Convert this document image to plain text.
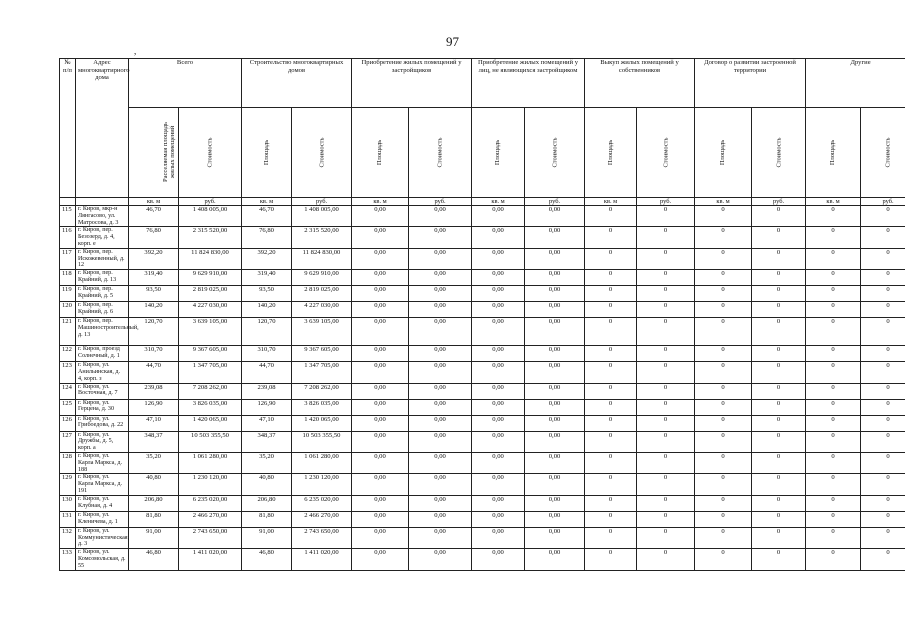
97
,
№ п/п	Адрес многоквартирного дома	Всего		Строительство многоквартирных домов		Приобретение жилых помещений у застройщиков		Приобретение жилых помещений у лиц, не являющихся застройщиком		Выкуп жилых помещений у собственников		Договор о развитии застроенной территории		Другие	
		Расселяемая площадь жилых помещений	Стоимость	Площадь	Стоимость	Площадь	Стоимость	Площадь	Стоимость	Площадь	Стоимость	Площадь	Стоимость	Площадь	Стоимость
		кв. м	руб.	кв. м	руб.	кв. м	руб.	кв. м	руб.	кв. м	руб.	кв. м	руб.	кв. м	руб.
115	г. Киров, мкр-н Лянгасово, ул. Матросова, д. 3	46,70	1 408 005,00	46,70	1 408 005,00	0,00	0,00	0,00	0,00	0	0	0	0	0	0
116	г. Киров, пер. Безозерд, д. 4, корп. е	76,80	2 315 520,00	76,80	2 315 520,00	0,00	0,00	0,00	0,00	0	0	0	0	0	0
117	г. Киров, пер. Искожевенный, д. 12	392,20	11 824 830,00	392,20	11 824 830,00	0,00	0,00	0,00	0,00	0	0	0	0	0	0
118	г. Киров, пер. Крайний, д. 13	319,40	9 629 910,00	319,40	9 629 910,00	0,00	0,00	0,00	0,00	0	0	0	0	0	0
119	г. Киров, пер. Крайний, д. 5	93,50	2 819 025,00	93,50	2 819 025,00	0,00	0,00	0,00	0,00	0	0	0	0	0	0
120	г. Киров, пер. Крайний, д. 6	140,20	4 227 030,00	140,20	4 227 030,00	0,00	0,00	0,00	0,00	0	0	0	0	0	0
121	г. Киров, пер. Машиностроительный, д. 13	120,70	3 639 105,00	120,70	3 639 105,00	0,00	0,00	0,00	0,00	0	0	0	0	0	0
122	г. Киров, проезд Солнечный, д. 1	310,70	9 367 605,00	310,70	9 367 605,00	0,00	0,00	0,00	0,00	0	0	0	0	0	0
123	г. Киров, ул. Анильинская, д. 4, корп. з	44,70	1 347 705,00	44,70	1 347 705,00	0,00	0,00	0,00	0,00	0	0	0	0	0	0
124	г. Киров, ул. Восточная, д. 7	239,08	7 208 262,00	239,08	7 208 262,00	0,00	0,00	0,00	0,00	0	0	0	0	0	0
125	г. Киров, ул. Герцена, д. 30	126,90	3 826 035,00	126,90	3 826 035,00	0,00	0,00	0,00	0,00	0	0	0	0	0	0
126	г. Киров, ул. Грибоедова, д. 22	47,10	1 420 065,00	47,10	1 420 065,00	0,00	0,00	0,00	0,00	0	0	0	0	0	0
127	г. Киров, ул. Дружбы, д. 5, корп. а	348,37	10 503 355,50	348,37	10 503 355,50	0,00	0,00	0,00	0,00	0	0	0	0	0	0
128	г. Киров, ул. Карла Маркса, д. 188	35,20	1 061 280,00	35,20	1 061 280,00	0,00	0,00	0,00	0,00	0	0	0	0	0	0
129	г. Киров, ул. Карла Маркса, д. 191	40,80	1 230 120,00	40,80	1 230 120,00	0,00	0,00	0,00	0,00	0	0	0	0	0	0
130	г. Киров, ул. Клубная, д. 4	206,80	6 235 020,00	206,80	6 235 020,00	0,00	0,00	0,00	0,00	0	0	0	0	0	0
131	г. Киров, ул. Кленичева, д. 1	81,80	2 466 270,00	81,80	2 466 270,00	0,00	0,00	0,00	0,00	0	0	0	0	0	0
132	г. Киров, ул. Коммунистическая, д. 3	91,00	2 743 650,00	91,00	2 743 650,00	0,00	0,00	0,00	0,00	0	0	0	0	0	0
133	г. Киров, ул. Комсомольская, д. 55	46,80	1 411 020,00	46,80	1 411 020,00	0,00	0,00	0,00	0,00	0	0	0	0	0	0
